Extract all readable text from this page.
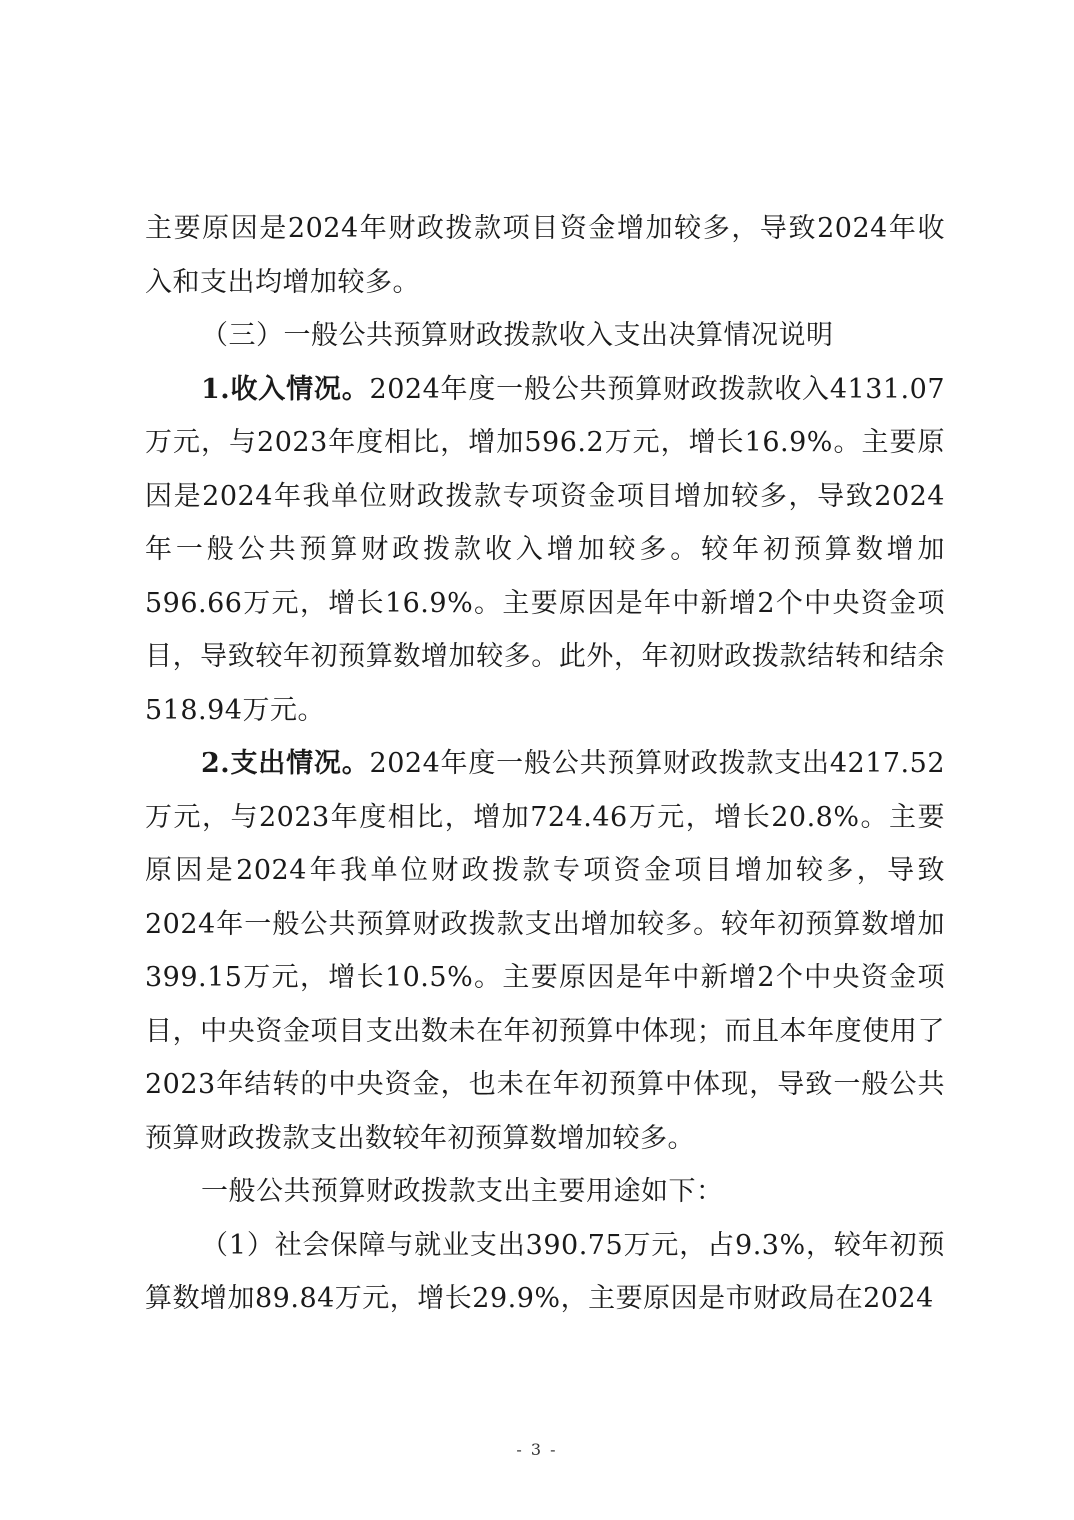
主要原因是2024年财政拨款项目资金增加较多，导致2024年收入和支出均增加较多。

（三）一般公共预算财政拨款收入支出决算情况说明

1.收入情况。2024年度一般公共预算财政拨款收入4131.07万元，与2023年度相比，增加596.2万元，增长16.9%。主要原因是2024年我单位财政拨款专项资金项目增加较多，导致2024年一般公共预算财政拨款收入增加较多。较年初预算数增加596.66万元，增长16.9%。主要原因是年中新增2个中央资金项目，导致较年初预算数增加较多。此外，年初财政拨款结转和结余518.94万元。

2.支出情况。2024年度一般公共预算财政拨款支出4217.52万元，与2023年度相比，增加724.46万元，增长20.8%。主要原因是2024年我单位财政拨款专项资金项目增加较多，导致2024年一般公共预算财政拨款支出增加较多。较年初预算数增加399.15万元，增长10.5%。主要原因是年中新增2个中央资金项目，中央资金项目支出数未在年初预算中体现；而且本年度使用了2023年结转的中央资金，也未在年初预算中体现，导致一般公共预算财政拨款支出数较年初预算数增加较多。

一般公共预算财政拨款支出主要用途如下：

（1）社会保障与就业支出390.75万元，占9.3%，较年初预算数增加89.84万元，增长29.9%，主要原因是市财政局在2024

- 3 -
